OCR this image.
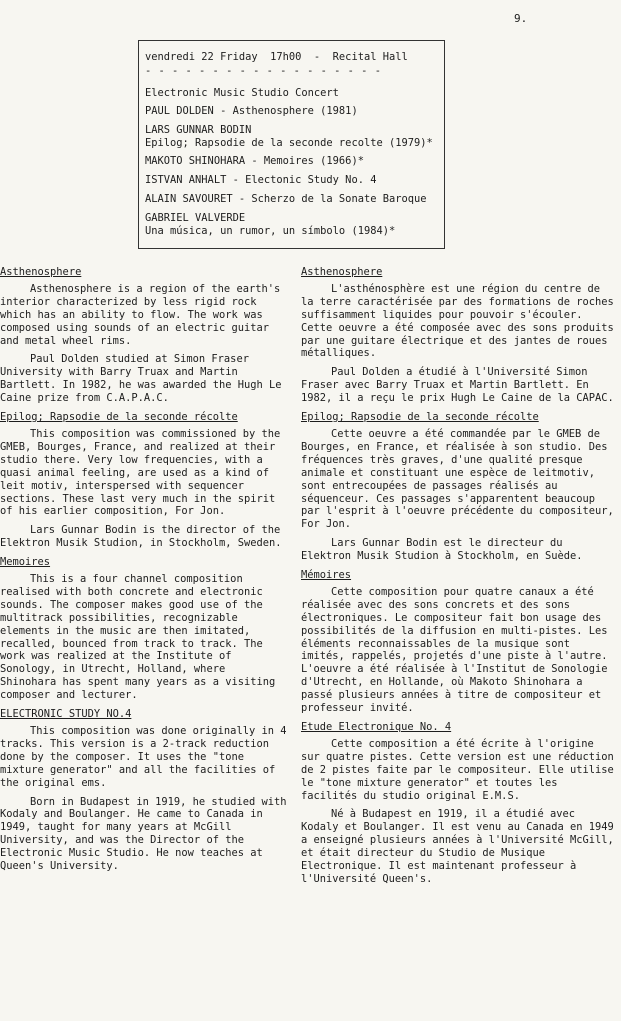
9.
vendredi 22 Friday  17h00  -  Recital Hall
- - - - - - - - - - - - - - - - - -
Electronic Music Studio Concert
PAUL DOLDEN - Asthenosphere (1981)
LARS GUNNAR BODIN
Epilog; Rapsodie de la seconde recolte (1979)*
MAKOTO SHINOHARA - Memoires (1966)*
ISTVAN ANHALT - Electonic Study No. 4
ALAIN SAVOURET - Scherzo de la Sonate Baroque
GABRIEL VALVERDE
Una música, un rumor, un símbolo (1984)*
Asthenosphere
Asthenosphere is a region of the earth's interior characterized by less rigid rock which has an ability to flow. The work was composed using sounds of an electric guitar and metal wheel rims.
Paul Dolden studied at Simon Fraser University with Barry Truax and Martin Bartlett. In 1982, he was awarded the Hugh Le Caine prize from C.A.P.A.C.
Epilog; Rapsodie de la seconde récolte
This composition was commissioned by the GMEB, Bourges, France, and realized at their studio there. Very low frequencies, with a quasi animal feeling, are used as a kind of leit motiv, interspersed with sequencer sections. These last very much in the spirit of his earlier composition, For Jon.
Lars Gunnar Bodin is the director of the Elektron Musik Studion, in Stockholm, Sweden.
Memoires
This is a four channel composition realised with both concrete and electronic sounds. The composer makes good use of the multitrack possibilities, recognizable elements in the music are then imitated, recalled, bounced from track to track. The work was realized at the Institute of Sonology, in Utrecht, Holland, where Shinohara has spent many years as a visiting composer and lecturer.
ELECTRONIC STUDY NO.4
This composition was done originally in 4 tracks. This version is a 2-track reduction done by the composer. It uses the "tone mixture generator" and all the facilities of the original ems.
Born in Budapest in 1919, he studied with Kodaly and Boulanger. He came to Canada in 1949, taught for many years at McGill University, and was the Director of the Electronic Music Studio. He now teaches at Queen's University.
Asthenosphere
L'asthénosphère est une région du centre de la terre caractérisée par des formations de roches suffisamment liquides pour pouvoir s'écouler. Cette oeuvre a été composée avec des sons produits par une guitare électrique et des jantes de roues métalliques.
Paul Dolden a étudié à l'Université Simon Fraser avec Barry Truax et Martin Bartlett. En 1982, il a reçu le prix Hugh Le Caine de la CAPAC.
Epilog; Rapsodie de la seconde récolte
Cette oeuvre a été commandée par le GMEB de Bourges, en France, et réalisée à son studio. Des fréquences très graves, d'une qualité presque animale et constituant une espèce de leitmotiv, sont entrecoupées de passages réalisés au séquenceur. Ces passages s'apparentent beaucoup par l'esprit à l'oeuvre précédente du compositeur, For Jon.
Lars Gunnar Bodin est le directeur du Elektron Musik Studion à Stockholm, en Suède.
Mémoires
Cette composition pour quatre canaux a été réalisée avec des sons concrets et des sons électroniques. Le compositeur fait bon usage des possibilités de la diffusion en multi-pistes. Les éléments reconnaissables de la musique sont imités, rappelés, projetés d'une piste à l'autre. L'oeuvre a été réalisée à l'Institut de Sonologie d'Utrecht, en Hollande, où Makoto Shinohara a passé plusieurs années à titre de compositeur et professeur invité.
Etude Electronique No. 4
Cette composition a été écrite à l'origine sur quatre pistes. Cette version est une réduction de 2 pistes faite par le compositeur. Elle utilise le "tone mixture generator" et toutes les facilités du studio original E.M.S.
Né à Budapest en 1919, il a étudié avec Kodaly et Boulanger. Il est venu au Canada en 1949 a enseigné plusieurs années à l'Université McGill, et était directeur du Studio de Musique Electronique. Il est maintenant professeur à l'Université Queen's.
